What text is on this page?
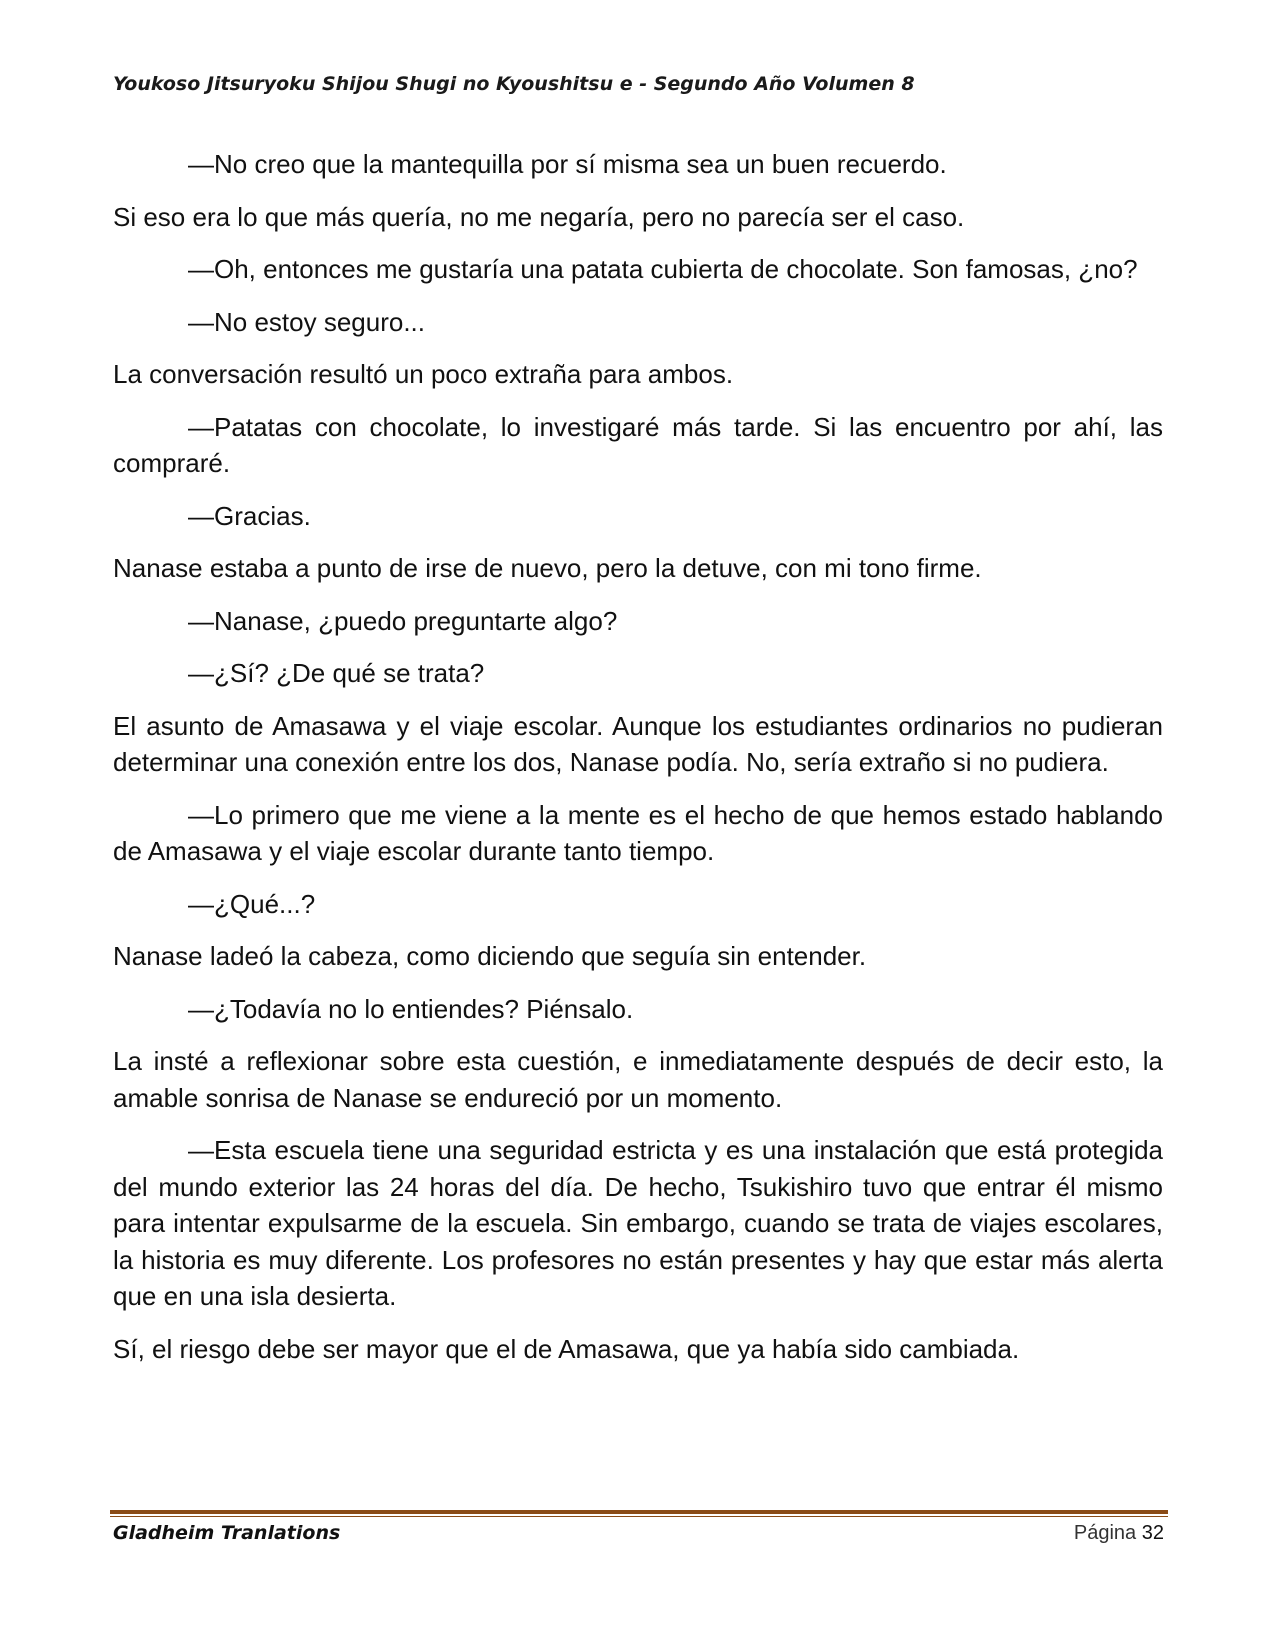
Youkoso Jitsuryoku Shijou Shugi no Kyoushitsu e - Segundo Año Volumen 8

—No creo que la mantequilla por sí misma sea un buen recuerdo.

Si eso era lo que más quería, no me negaría, pero no parecía ser el caso.

—Oh, entonces me gustaría una patata cubierta de chocolate. Son famosas, ¿no?

—No estoy seguro...

La conversación resultó un poco extraña para ambos.

—Patatas con chocolate, lo investigaré más tarde. Si las encuentro por ahí, las compraré.

—Gracias.

Nanase estaba a punto de irse de nuevo, pero la detuve, con mi tono firme.

—Nanase, ¿puedo preguntarte algo?

—¿Sí? ¿De qué se trata?

El asunto de Amasawa y el viaje escolar. Aunque los estudiantes ordinarios no pudieran determinar una conexión entre los dos, Nanase podía. No, sería extraño si no pudiera.

—Lo primero que me viene a la mente es el hecho de que hemos estado hablando de Amasawa y el viaje escolar durante tanto tiempo.

—¿Qué...?

Nanase ladeó la cabeza, como diciendo que seguía sin entender.

—¿Todavía no lo entiendes? Piénsalo.

La insté a reflexionar sobre esta cuestión, e inmediatamente después de decir esto, la amable sonrisa de Nanase se endureció por un momento.

—Esta escuela tiene una seguridad estricta y es una instalación que está protegida del mundo exterior las 24 horas del día. De hecho, Tsukishiro tuvo que entrar él mismo para intentar expulsarme de la escuela. Sin embargo, cuando se trata de viajes escolares, la historia es muy diferente. Los profesores no están presentes y hay que estar más alerta que en una isla desierta.

Sí, el riesgo debe ser mayor que el de Amasawa, que ya había sido cambiada.

Gladheim Tranlations	Página 32
